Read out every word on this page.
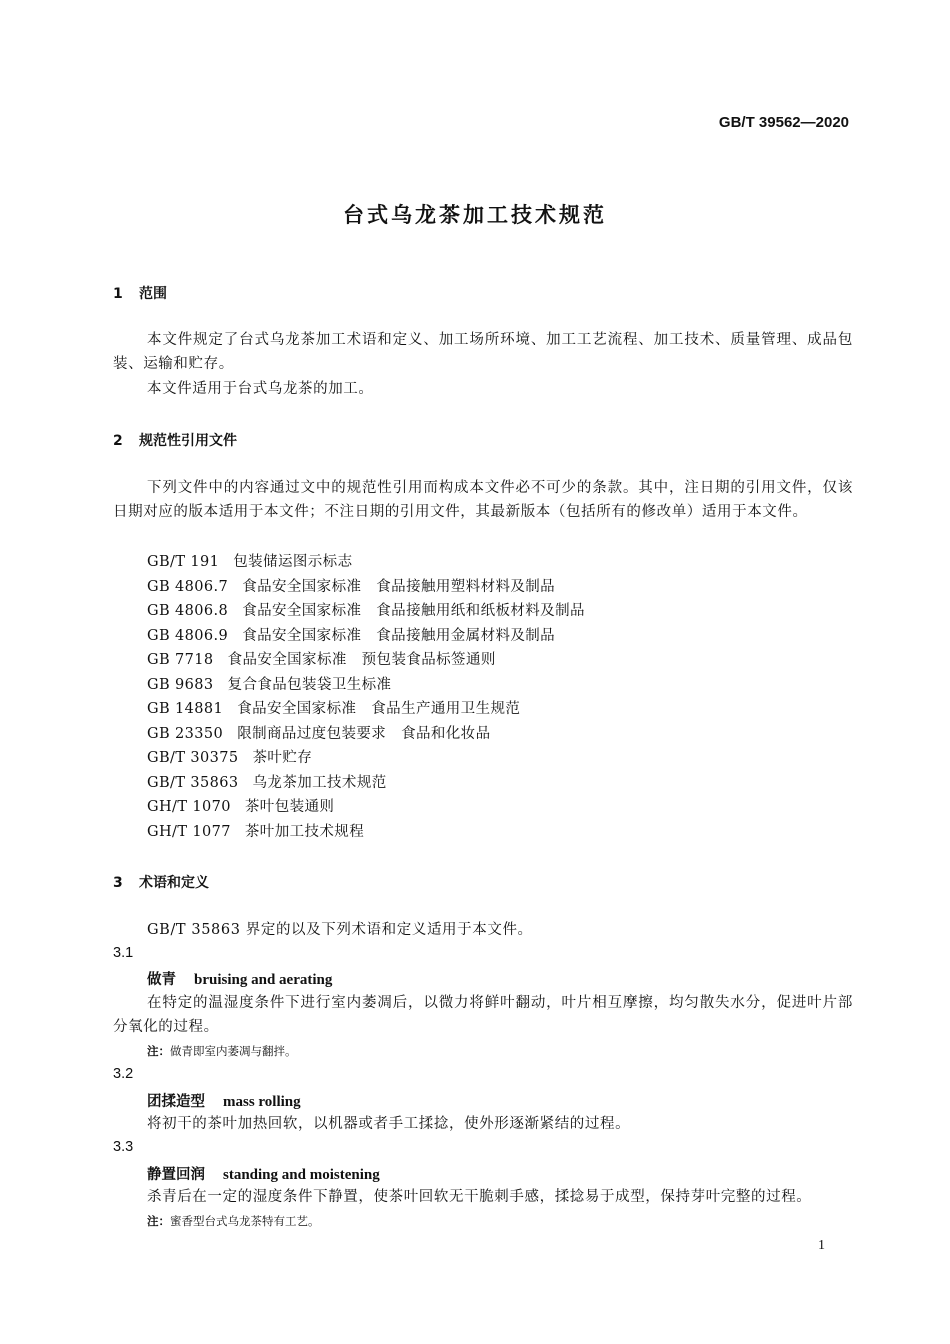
GB/T 39562—2020
台式乌龙茶加工技术规范
1 范围

本文件规定了台式乌龙茶加工术语和定义、加工场所环境、加工工艺流程、加工技术、质量管理、成品包装、运输和贮存。

本文件适用于台式乌龙茶的加工。

2 规范性引用文件

下列文件中的内容通过文中的规范性引用而构成本文件必不可少的条款。其中，注日期的引用文件，仅该日期对应的版本适用于本文件；不注日期的引用文件，其最新版本（包括所有的修改单）适用于本文件。

GB/T 191 包装储运图示标志
GB 4806.7 食品安全国家标准　食品接触用塑料材料及制品
GB 4806.8 食品安全国家标准　食品接触用纸和纸板材料及制品
GB 4806.9 食品安全国家标准　食品接触用金属材料及制品
GB 7718 食品安全国家标准　预包装食品标签通则
GB 9683 复合食品包装袋卫生标准
GB 14881 食品安全国家标准　食品生产通用卫生规范
GB 23350 限制商品过度包装要求　食品和化妆品
GB/T 30375 茶叶贮存
GB/T 35863 乌龙茶加工技术规范
GH/T 1070 茶叶包装通则
GH/T 1077 茶叶加工技术规程
3 术语和定义

GB/T 35863 界定的以及下列术语和定义适用于本文件。

3.1
做青 bruising and aerating

在特定的温湿度条件下进行室内萎凋后，以微力将鲜叶翻动，叶片相互摩擦，均匀散失水分，促进叶片部分氧化的过程。

注：做青即室内萎凋与翻拌。
3.2
团揉造型 mass rolling

将初干的茶叶加热回软，以机器或者手工揉捻，使外形逐渐紧结的过程。

3.3
静置回润 standing and moistening

杀青后在一定的湿度条件下静置，使茶叶回软无干脆刺手感，揉捻易于成型，保持芽叶完整的过程。

注：蜜香型台式乌龙茶特有工艺。
1
